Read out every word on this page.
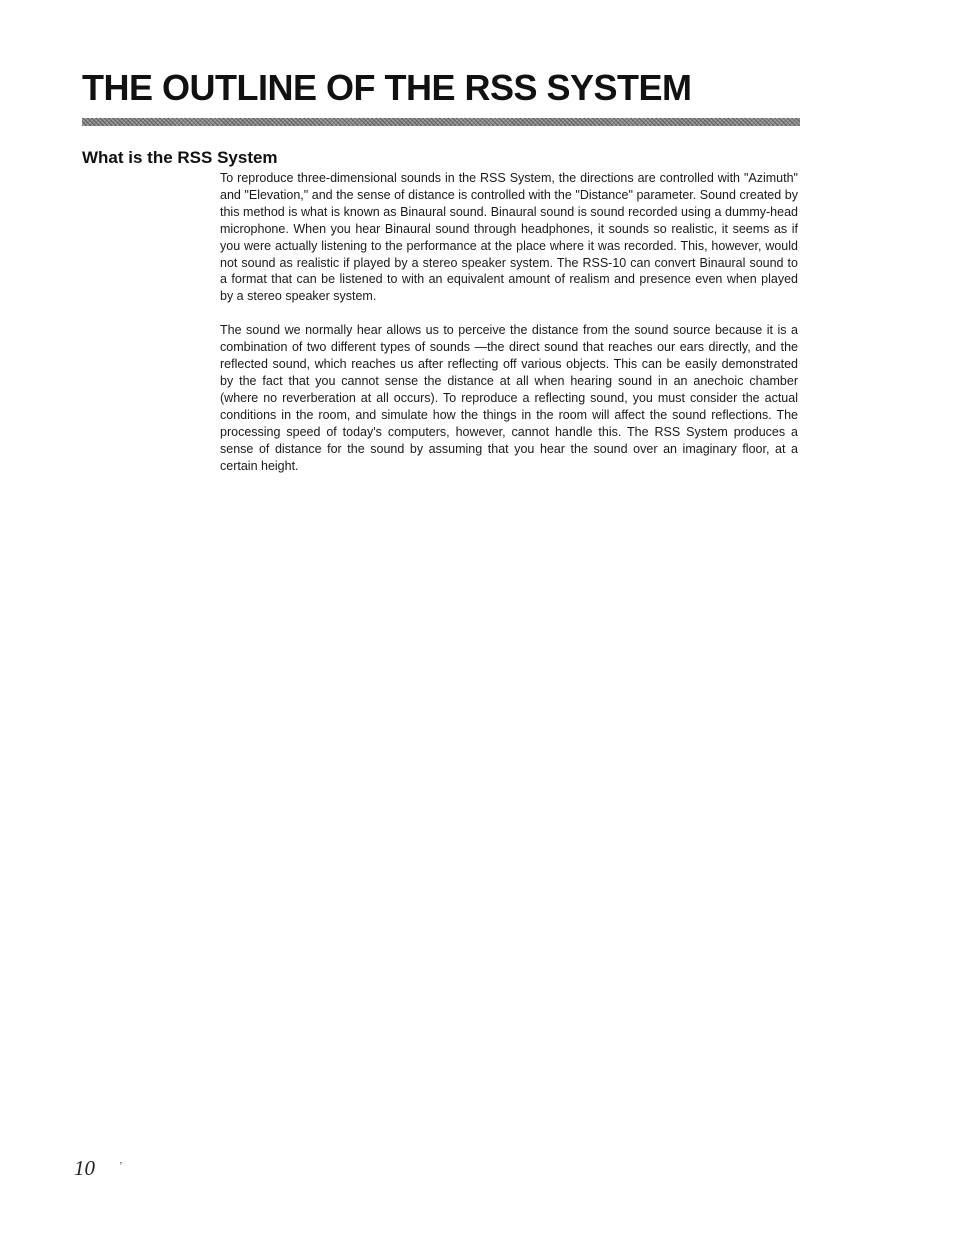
THE OUTLINE OF THE RSS SYSTEM
What is the RSS System

To reproduce three-dimensional sounds in the RSS System, the directions are controlled with "Azimuth" and "Elevation," and the sense of distance is controlled with the "Distance" parameter. Sound created by this method is what is known as Binaural sound. Binaural sound is sound recorded using a dummy-head microphone. When you hear Binaural sound through headphones, it sounds so realistic, it seems as if you were actually listening to the performance at the place where it was recorded. This, however, would not sound as realistic if played by a stereo speaker system. The RSS-10 can convert Binaural sound to a format that can be listened to with an equivalent amount of realism and presence even when played by a stereo speaker system.

The sound we normally hear allows us to perceive the distance from the sound source because it is a combination of two different types of sounds —the direct sound that reaches our ears directly, and the reflected sound, which reaches us after reflecting off various objects. This can be easily demonstrated by the fact that you cannot sense the distance at all when hearing sound in an anechoic chamber (where no reverberation at all occurs). To reproduce a reflecting sound, you must consider the actual conditions in the room, and simulate how the things in the room will affect the sound reflections. The processing speed of today's computers, however, cannot handle this. The RSS System produces a sense of distance for the sound by assuming that you hear the sound over an imaginary floor, at a certain height.

10 ’
